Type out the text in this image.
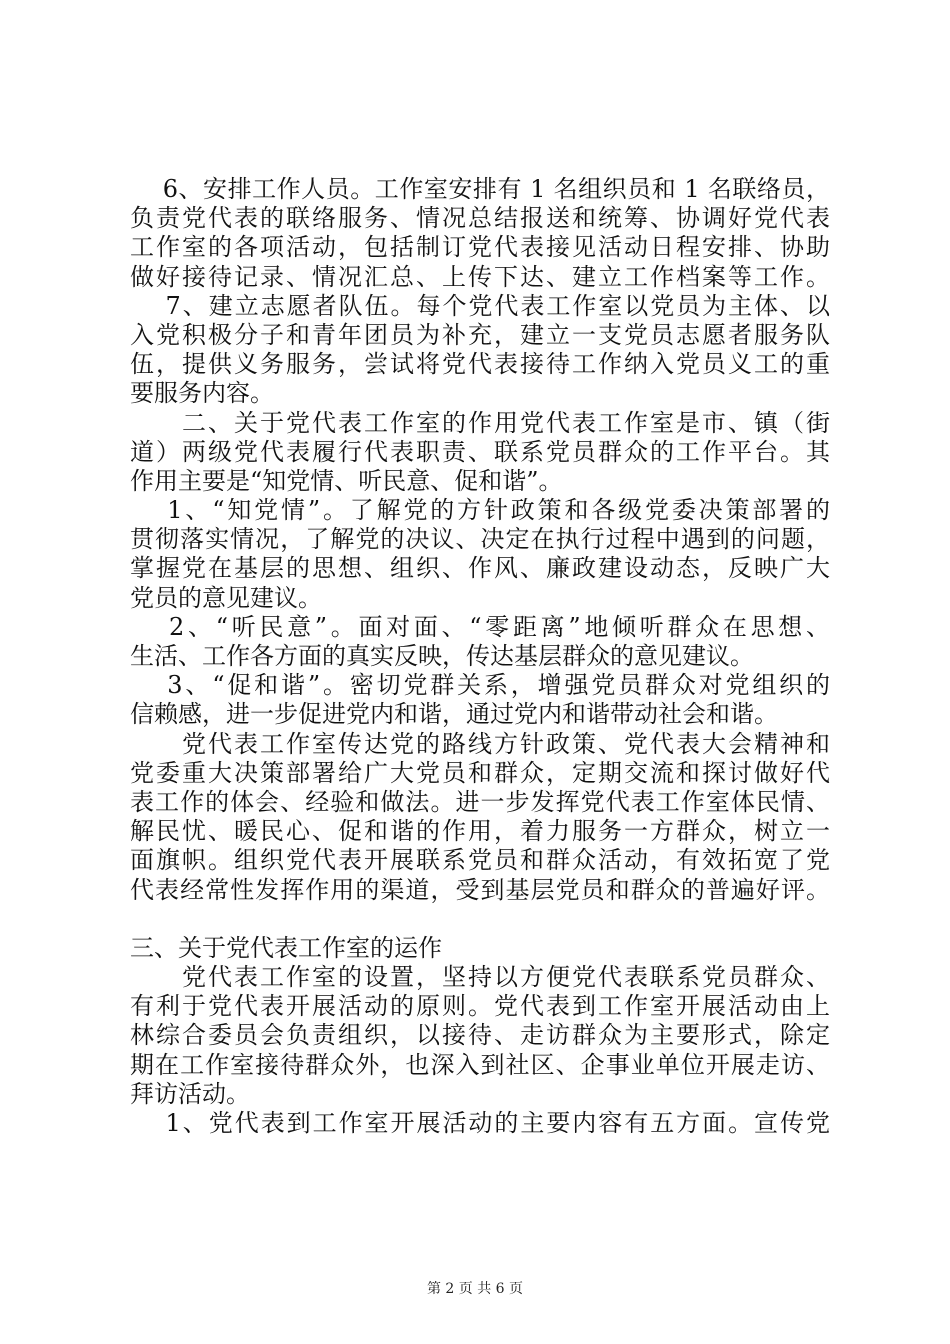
　 6、安排工作人员。工作室安排有 1 名组织员和 1 名联络员，
负责党代表的联络服务、情况总结报送和统筹、协调好党代表
工作室的各项活动，包括制订党代表接见活动日程安排、协助
做好接待记录、情况汇总、上传下达、建立工作档案等工作。
　 7、建立志愿者队伍。每个党代表工作室以党员为主体、以
入党积极分子和青年团员为补充，建立一支党员志愿者服务队
伍，提供义务服务，尝试将党代表接待工作纳入党员义工的重
要服务内容。
　　二、关于党代表工作室的作用党代表工作室是市、镇（街
道）两级党代表履行代表职责、联系党员群众的工作平台。其
作用主要是“知党情、听民意、促和谐”。
　 1、“知党情”。了解党的方针政策和各级党委决策部署的
贯彻落实情况，了解党的决议、决定在执行过程中遇到的问题，
掌握党在基层的思想、组织、作风、廉政建设动态，反映广大
党员的意见建议。
　 2、“听民意”。面对面、“零距离”地倾听群众在思想、
生活、工作各方面的真实反映，传达基层群众的意见建议。
　 3、“促和谐”。密切党群关系，增强党员群众对党组织的
信赖感，进一步促进党内和谐，通过党内和谐带动社会和谐。
　　党代表工作室传达党的路线方针政策、党代表大会精神和
党委重大决策部署给广大党员和群众，定期交流和探讨做好代
表工作的体会、经验和做法。进一步发挥党代表工作室体民情、
解民忧、暖民心、促和谐的作用，着力服务一方群众，树立一
面旗帜。组织党代表开展联系党员和群众活动，有效拓宽了党
代表经常性发挥作用的渠道，受到基层党员和群众的普遍好评。
三、关于党代表工作室的运作
　　党代表工作室的设置，坚持以方便党代表联系党员群众、
有利于党代表开展活动的原则。党代表到工作室开展活动由上
林综合委员会负责组织，以接待、走访群众为主要形式，除定
期在工作室接待群众外，也深入到社区、企事业单位开展走访、
拜访活动。
　 1、党代表到工作室开展活动的主要内容有五方面。宣传党
第 2 页 共 6 页
